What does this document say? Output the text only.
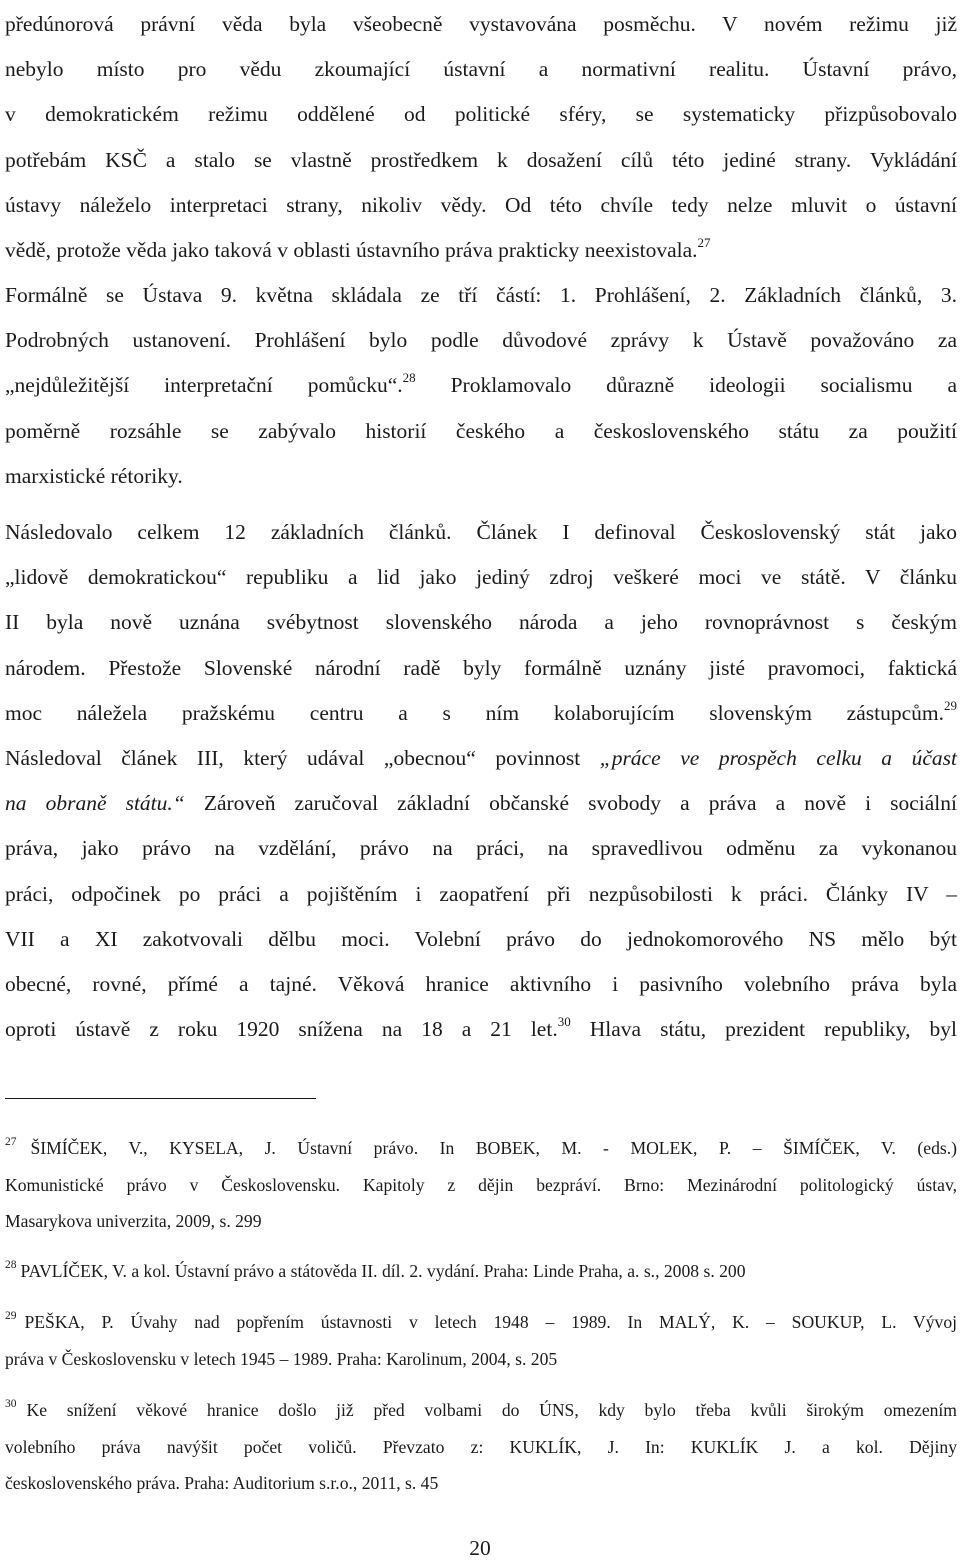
předúnorová právní věda byla všeobecně vystavována posměchu. V novém režimu již
nebylo místo pro vědu zkoumající ústavní a normativní realitu. Ústavní právo,
v demokratickém režimu oddělené od politické sféry, se systematicky přizpůsobovalo
potřebám KSČ a stalo se vlastně prostředkem k dosažení cílů této jediné strany. Vykládání
ústavy náleželo interpretaci strany, nikoliv vědy. Od této chvíle tedy nelze mluvit o ústavní
vědě, protože věda jako taková v oblasti ústavního práva prakticky neexistovala.$^{27}$
Formálně se Ústava 9. května skládala ze tří částí: 1. Prohlášení, 2. Základních článků, 3.
Podrobných ustanovení. Prohlášení bylo podle důvodové zprávy k Ústavě považováno za
„nejdůležitější interpretační pomůcku“.$^{28}$ Proklamovalo důrazně ideologii socialismu a
poměrně rozsáhle se zabývalo historií českého a československého státu za použití
marxistické rétoriky.
Následovalo celkem 12 základních článků. Článek I definoval Československý stát jako
„lidově demokratickou“ republiku a lid jako jediný zdroj veškeré moci ve státě. V článku
II byla nově uznána svébytnost slovenského národa a jeho rovnoprávnost s českým
národem. Přestože Slovenské národní radě byly formálně uznány jisté pravomoci, faktická
moc náležela pražskému centru a s ním kolaborujícím slovenským zástupcům.$^{29}$
Následoval článek III, který udával „obecnou“ povinnost „práce ve prospěch celku a účast
na obraně státu.“ Zároveň zaručoval základní občanské svobody a práva a nově i sociální
práva, jako právo na vzdělání, právo na práci, na spravedlivou odměnu za vykonanou
práci, odpočinek po práci a pojištěním i zaopatření při nezpůsobilosti k práci. Články IV –
VII a XI zakotvovali dělbu moci. Volební právo do jednokomorového NS mělo být
obecné, rovné, přímé a tajné. Věková hranice aktivního i pasivního volebního práva byla
oproti ústavě z roku 1920 snížena na 18 a 21 let.$^{30}$ Hlava státu, prezident republiky, byl
$^{27}$ ŠIMÍČEK, V., KYSELA, J. Ústavní právo. In BOBEK, M. - MOLEK, P. – ŠIMÍČEK, V. (eds.)
Komunistické právo v Československu. Kapitoly z dějin bezpráví. Brno: Mezinárodní politologický ústav,
Masarykova univerzita, 2009, s. 299
$^{28}$ PAVLÍČEK, V. a kol. Ústavní právo a státověda II. díl. 2. vydání. Praha: Linde Praha, a. s., 2008 s. 200
$^{29}$ PEŠKA, P. Úvahy nad popřením ústavnosti v letech 1948 – 1989. In MALÝ, K. – SOUKUP, L. Vývoj
práva v Československu v letech 1945 – 1989. Praha: Karolinum, 2004, s. 205
$^{30}$ Ke snížení věkové hranice došlo již před volbami do ÚNS, kdy bylo třeba kvůli širokým omezením
volebního práva navýšit počet voličů. Převzato z: KUKLÍK, J. In: KUKLÍK J. a kol. Dějiny
československého práva. Praha: Auditorium s.r.o., 2011, s. 45
20
